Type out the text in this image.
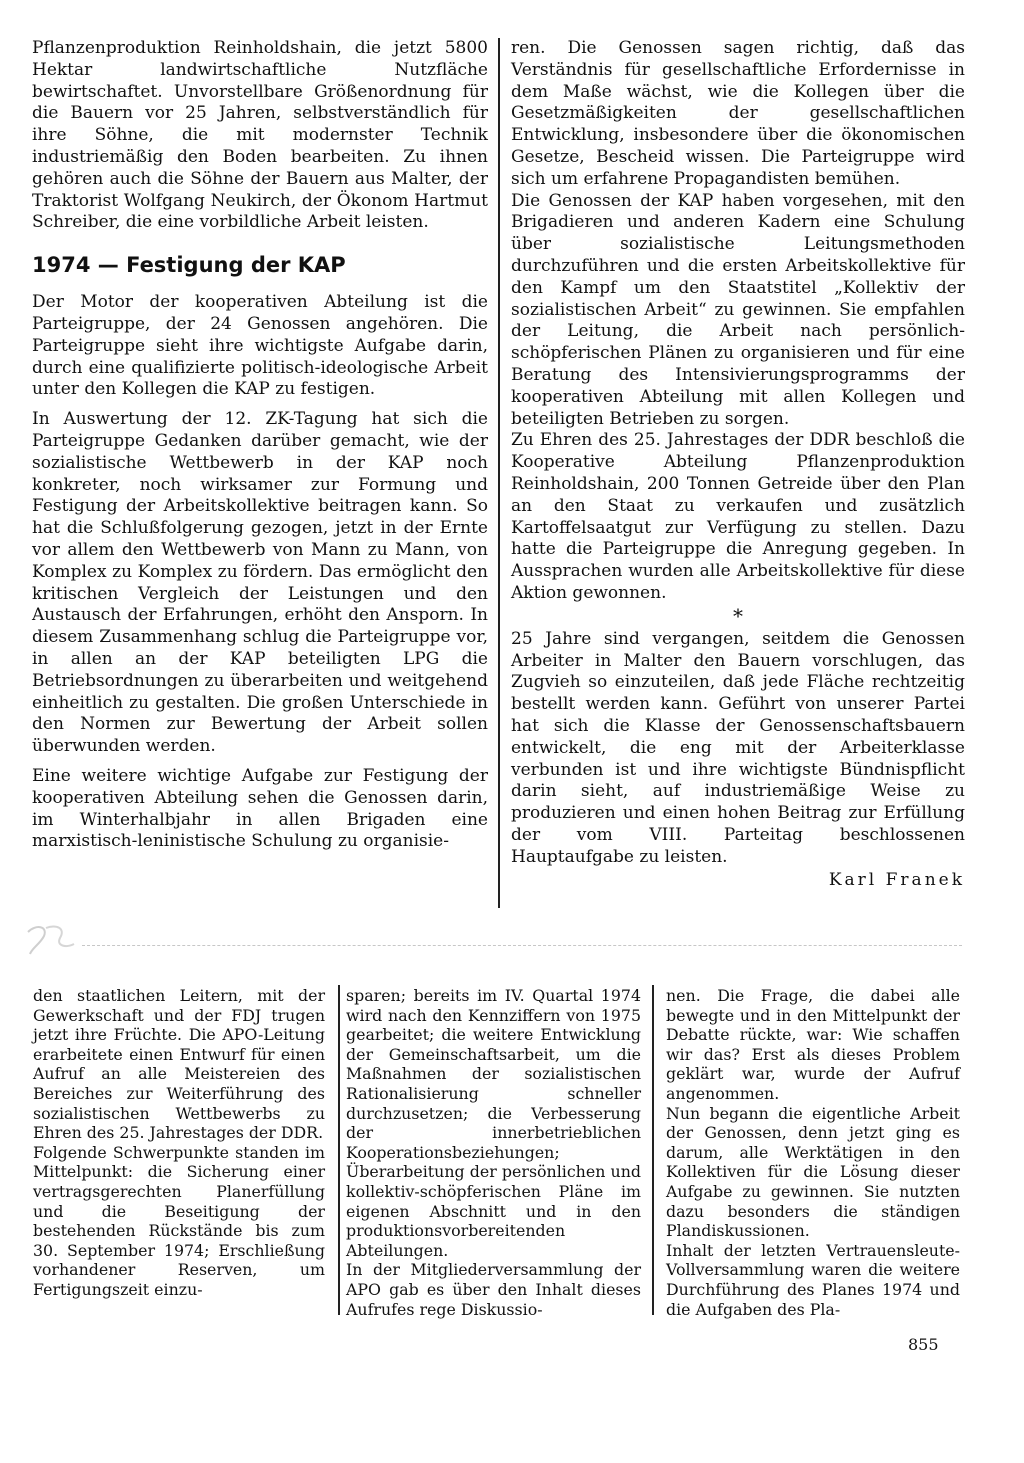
Pflanzenproduktion Reinholdshain, die jetzt 5800 Hektar landwirtschaftliche Nutzfläche bewirtschaftet. Unvorstellbare Größenordnung für die Bauern vor 25 Jahren, selbstverständlich für ihre Söhne, die mit modernster Technik industriemäßig den Boden bearbeiten. Zu ihnen gehören auch die Söhne der Bauern aus Malter, der Traktorist Wolfgang Neukirch, der Ökonom Hartmut Schreiber, die eine vorbildliche Arbeit leisten.

1974 — Festigung der KAP

Der Motor der kooperativen Abteilung ist die Parteigruppe, der 24 Genossen angehören. Die Parteigruppe sieht ihre wichtigste Aufgabe darin, durch eine qualifizierte politisch-ideologische Arbeit unter den Kollegen die KAP zu festigen.

In Auswertung der 12. ZK-Tagung hat sich die Parteigruppe Gedanken darüber gemacht, wie der sozialistische Wettbewerb in der KAP noch konkreter, noch wirksamer zur Formung und Festigung der Arbeitskollektive beitragen kann. So hat die Schlußfolgerung gezogen, jetzt in der Ernte vor allem den Wettbewerb von Mann zu Mann, von Komplex zu Komplex zu fördern. Das ermöglicht den kritischen Vergleich der Leistungen und den Austausch der Erfahrungen, erhöht den Ansporn. In diesem Zusammenhang schlug die Parteigruppe vor, in allen an der KAP beteiligten LPG die Betriebsordnungen zu überarbeiten und weitgehend einheitlich zu gestalten. Die großen Unterschiede in den Normen zur Bewertung der Arbeit sollen überwunden werden.

Eine weitere wichtige Aufgabe zur Festigung der kooperativen Abteilung sehen die Genossen darin, im Winterhalbjahr in allen Brigaden eine marxistisch-leninistische Schulung zu organisie-

ren. Die Genossen sagen richtig, daß das Verständnis für gesellschaftliche Erfordernisse in dem Maße wächst, wie die Kollegen über die Gesetzmäßigkeiten der gesellschaftlichen Entwicklung, insbesondere über die ökonomischen Gesetze, Bescheid wissen. Die Parteigruppe wird sich um erfahrene Propagandisten bemühen.

Die Genossen der KAP haben vorgesehen, mit den Brigadieren und anderen Kadern eine Schulung über sozialistische Leitungsmethoden durchzuführen und die ersten Arbeitskollektive für den Kampf um den Staatstitel „Kollektiv der sozialistischen Arbeit“ zu gewinnen. Sie empfahlen der Leitung, die Arbeit nach persönlich-schöpferischen Plänen zu organisieren und für eine Beratung des Intensivierungsprogramms der kooperativen Abteilung mit allen Kollegen und beteiligten Betrieben zu sorgen.

Zu Ehren des 25. Jahrestages der DDR beschloß die Kooperative Abteilung Pflanzenproduktion Reinholdshain, 200 Tonnen Getreide über den Plan an den Staat zu verkaufen und zusätzlich Kartoffelsaatgut zur Verfügung zu stellen. Dazu hatte die Parteigruppe die Anregung gegeben. In Aussprachen wurden alle Arbeitskollektive für diese Aktion gewonnen.

*

25 Jahre sind vergangen, seitdem die Genossen Arbeiter in Malter den Bauern vorschlugen, das Zugvieh so einzuteilen, daß jede Fläche rechtzeitig bestellt werden kann. Geführt von unserer Partei hat sich die Klasse der Genossenschaftsbauern entwickelt, die eng mit der Arbeiterklasse verbunden ist und ihre wichtigste Bündnispflicht darin sieht, auf industriemäßige Weise zu produzieren und einen hohen Beitrag zur Erfüllung der vom VIII. Parteitag beschlossenen Hauptaufgabe zu leisten.

Karl Franek

den staatlichen Leitern, mit der Gewerkschaft und der FDJ trugen jetzt ihre Früchte. Die APO-Leitung erarbeitete einen Entwurf für einen Aufruf an alle Meistereien des Bereiches zur Weiterführung des sozialistischen Wettbewerbs zu Ehren des 25. Jahrestages der DDR.

Folgende Schwerpunkte standen im Mittelpunkt: die Sicherung einer vertragsgerechten Planerfüllung und die Beseitigung der bestehenden Rückstände bis zum 30. September 1974; Erschließung vorhandener Reserven, um Fertigungszeit einzu-

sparen; bereits im IV. Quartal 1974 wird nach den Kennziffern von 1975 gearbeitet; die weitere Entwicklung der Gemeinschaftsarbeit, um die Maßnahmen der sozialistischen Rationalisierung schneller durchzusetzen; die Verbesserung der innerbetrieblichen Kooperationsbeziehungen; Überarbeitung der persönlichen und kollektiv-schöpferischen Pläne im eigenen Abschnitt und in den produktionsvorbereitenden Abteilungen.

In der Mitgliederversammlung der APO gab es über den Inhalt dieses Aufrufes rege Diskussio-

nen. Die Frage, die dabei alle bewegte und in den Mittelpunkt der Debatte rückte, war: Wie schaffen wir das? Erst als dieses Problem geklärt war, wurde der Aufruf angenommen.

Nun begann die eigentliche Arbeit der Genossen, denn jetzt ging es darum, alle Werktätigen in den Kollektiven für die Lösung dieser Aufgabe zu gewinnen. Sie nutzten dazu besonders die ständigen Plandiskussionen.

Inhalt der letzten Vertrauensleute-Vollversammlung waren die weitere Durchführung des Planes 1974 und die Aufgaben des Pla-

855
